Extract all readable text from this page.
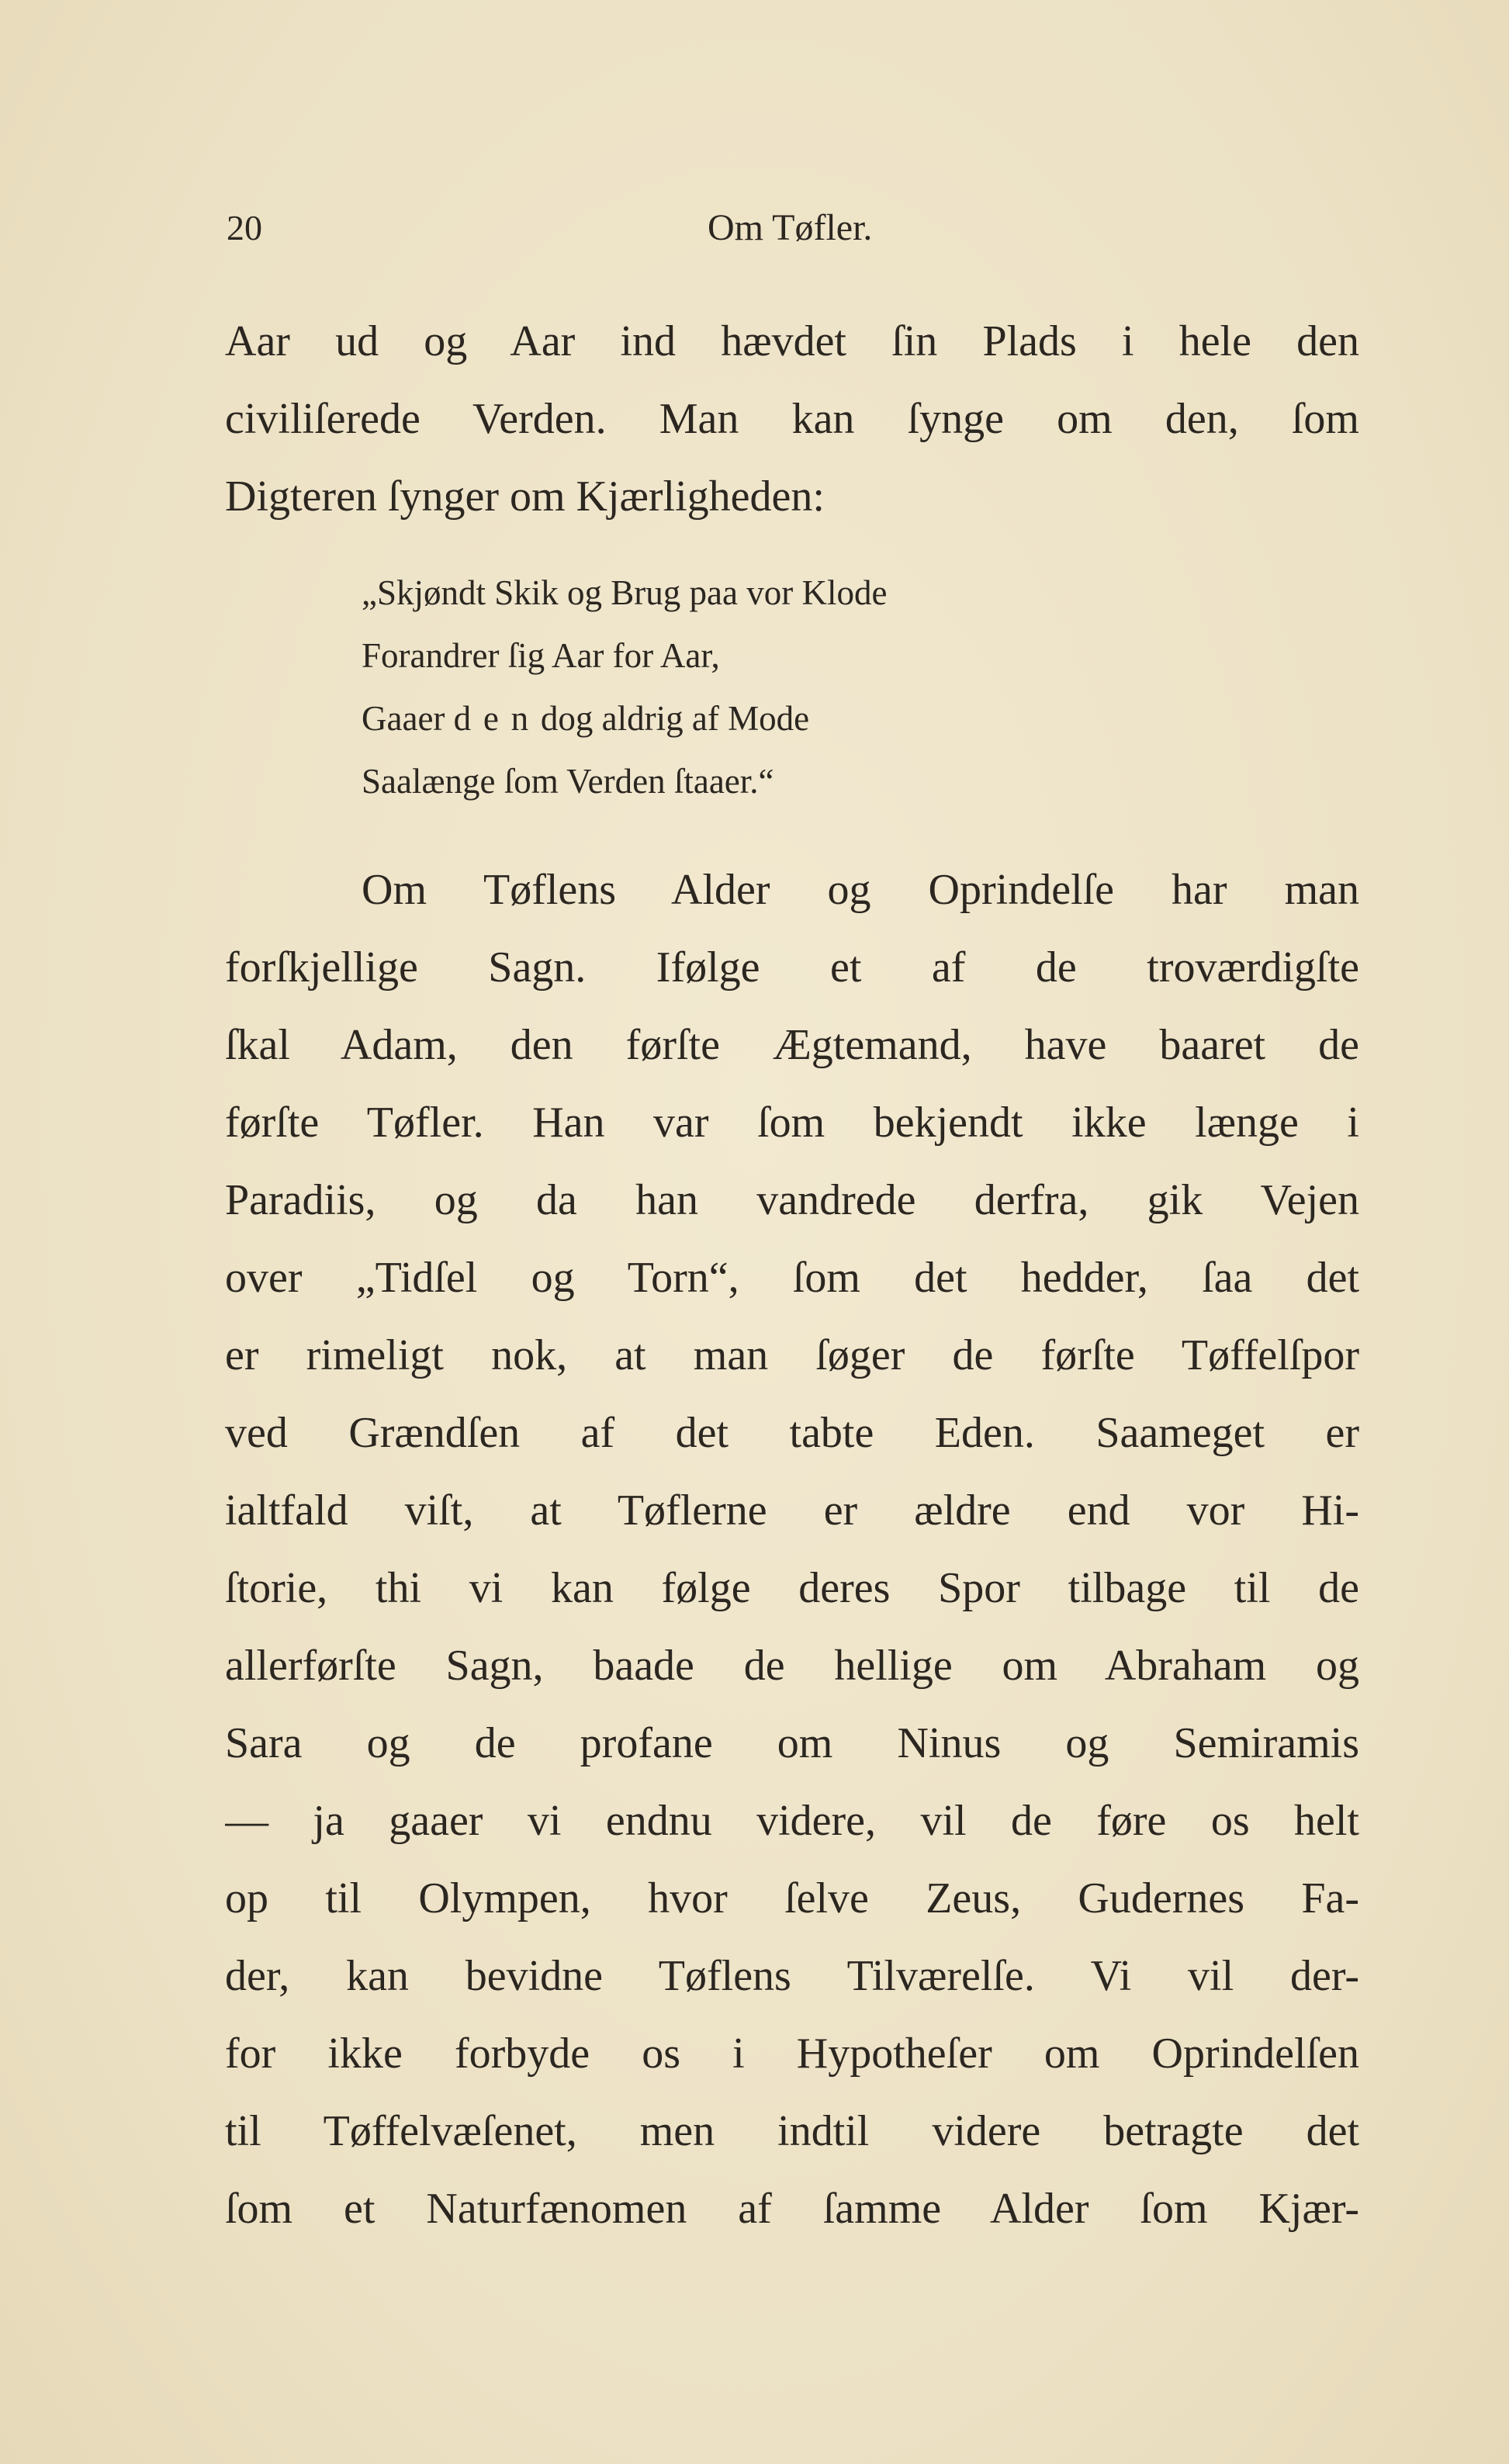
20	Om Tøfler.
Aar ud og Aar ind hævdet ſin Plads i hele den
civiliſerede Verden. Man kan ſynge om den, ſom
Digteren ſynger om Kjærligheden:
„Skjøndt Skik og Brug paa vor Klode
Forandrer ſig Aar for Aar,
Gaaer dendog aldrig af Mode
Saalænge ſom Verden ſtaaer.“
Om Tøflens Alder og Oprindelſe har man
forſkjellige Sagn. Ifølge et af de troværdigſte
ſkal Adam, den førſte Ægtemand, have baaret de
førſte Tøfler. Han var ſom bekjendt ikke længe i
Paradiis, og da han vandrede derfra, gik Vejen
over „Tidſel og Torn“, ſom det hedder, ſaa det
er rimeligt nok, at man ſøger de førſte Tøffelſpor
ved Grændſen af det tabte Eden. Saameget er
ialtfald viſt, at Tøflerne er ældre end vor Hi-
ſtorie, thi vi kan følge deres Spor tilbage til de
allerførſte Sagn, baade de hellige om Abraham og
Sara og de profane om Ninus og Semiramis
— ja gaaer vi endnu videre, vil de føre os helt
op til Olympen, hvor ſelve Zeus, Gudernes Fa-
der, kan bevidne Tøflens Tilværelſe. Vi vil der-
for ikke forbyde os i Hypotheſer om Oprindelſen
til Tøffelvæſenet, men indtil videre betragte det
ſom et Naturfænomen af ſamme Alder ſom Kjær-
